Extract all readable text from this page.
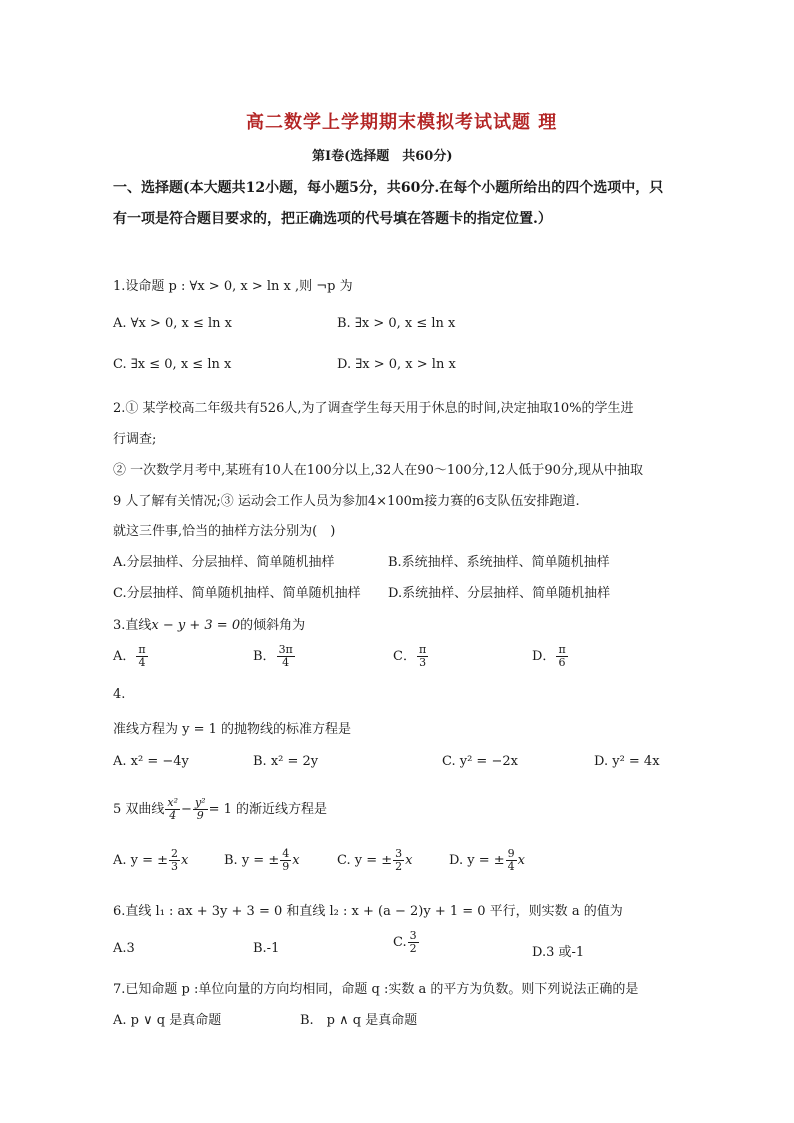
高二数学上学期期末模拟考试试题 理
第I卷(选择题　共60分)
一、选择题(本大题共12小题，每小题5分，共60分.在每个小题所给出的四个选项中，只
有一项是符合题目要求的，把正确选项的代号填在答题卡的指定位置.）
1.设命题 p : ∀x > 0, x > ln x ,则 ¬p 为
A. ∀x > 0, x ≤ ln x	B. ∃x > 0, x ≤ ln x
C. ∃x ≤ 0, x ≤ ln x	D. ∃x > 0, x > ln x
2.① 某学校高二年级共有526人,为了调查学生每天用于休息的时间,决定抽取10%的学生进
行调查;
② 一次数学月考中,某班有10人在100分以上,32人在90～100分,12人低于90分,现从中抽取
9 人了解有关情况;③ 运动会工作人员为参加4×100m接力赛的6支队伍安排跑道.
就这三件事,恰当的抽样方法分别为(　)
A.分层抽样、分层抽样、简单随机抽样	B.系统抽样、系统抽样、简单随机抽样
C.分层抽样、简单随机抽样、简单随机抽样 D.系统抽样、分层抽样、简单随机抽样
3.直线x − y + 3 = 0的倾斜角为
A． $\frac{\pi}{4}$	B． $\frac{3\pi}{4}$	C． $\frac{\pi}{3}$	D． $\frac{\pi}{6}$
4.
准线方程为 y = 1 的抛物线的标准方程是
A. x² = −4y	B. x² = 2y	C. y² = −2x	D. y² = 4x
5 双曲线 $\frac{\text{x²}}{4} - \frac{\text{y²}}{9} = 1$ 的渐近线方程是
A. y = ± $\frac{2}{3}$ x	B. y = ± $\frac{4}{9}$ x	C. y = ± $\frac{3}{2}$ x	D. y = ± $\frac{9}{4}$ x
6.直线 l₁ : ax + 3y + 3 = 0 和直线 l₂ : x + (a − 2)y + 1 = 0 平行，则实数 a 的值为
A.3	B.-1	C. $\frac{3}{2}$	D.3 或-1
7.已知命题 p :单位向量的方向均相同，命题 q :实数 a 的平方为负数。则下列说法正确的是
A. p ∨ q 是真命题	B.　p ∧ q 是真命题
